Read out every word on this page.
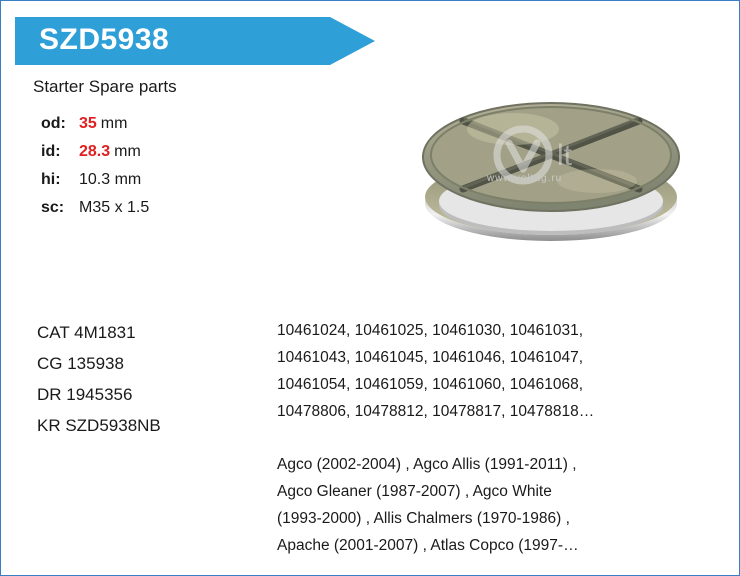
SZD5938
Starter Spare parts
od: 35 mm
id:	28.3 mm
hi:	10.3 mm
sc: M35 x 1.5
lt
www.voltag.ru
CAT 4M1831
CG 135938
DR 1945356
KR SZD5938NB
10461024, 10461025, 10461030, 10461031,
10461043, 10461045, 10461046, 10461047,
10461054, 10461059, 10461060, 10461068,
10478806, 10478812, 10478817, 10478818…
Agco (2002-2004) , Agco Allis (1991-2011) ,
Agco Gleaner (1987-2007) , Agco White
(1993-2000) , Allis Chalmers (1970-1986) ,
Apache (2001-2007) , Atlas Copco (1997-…
